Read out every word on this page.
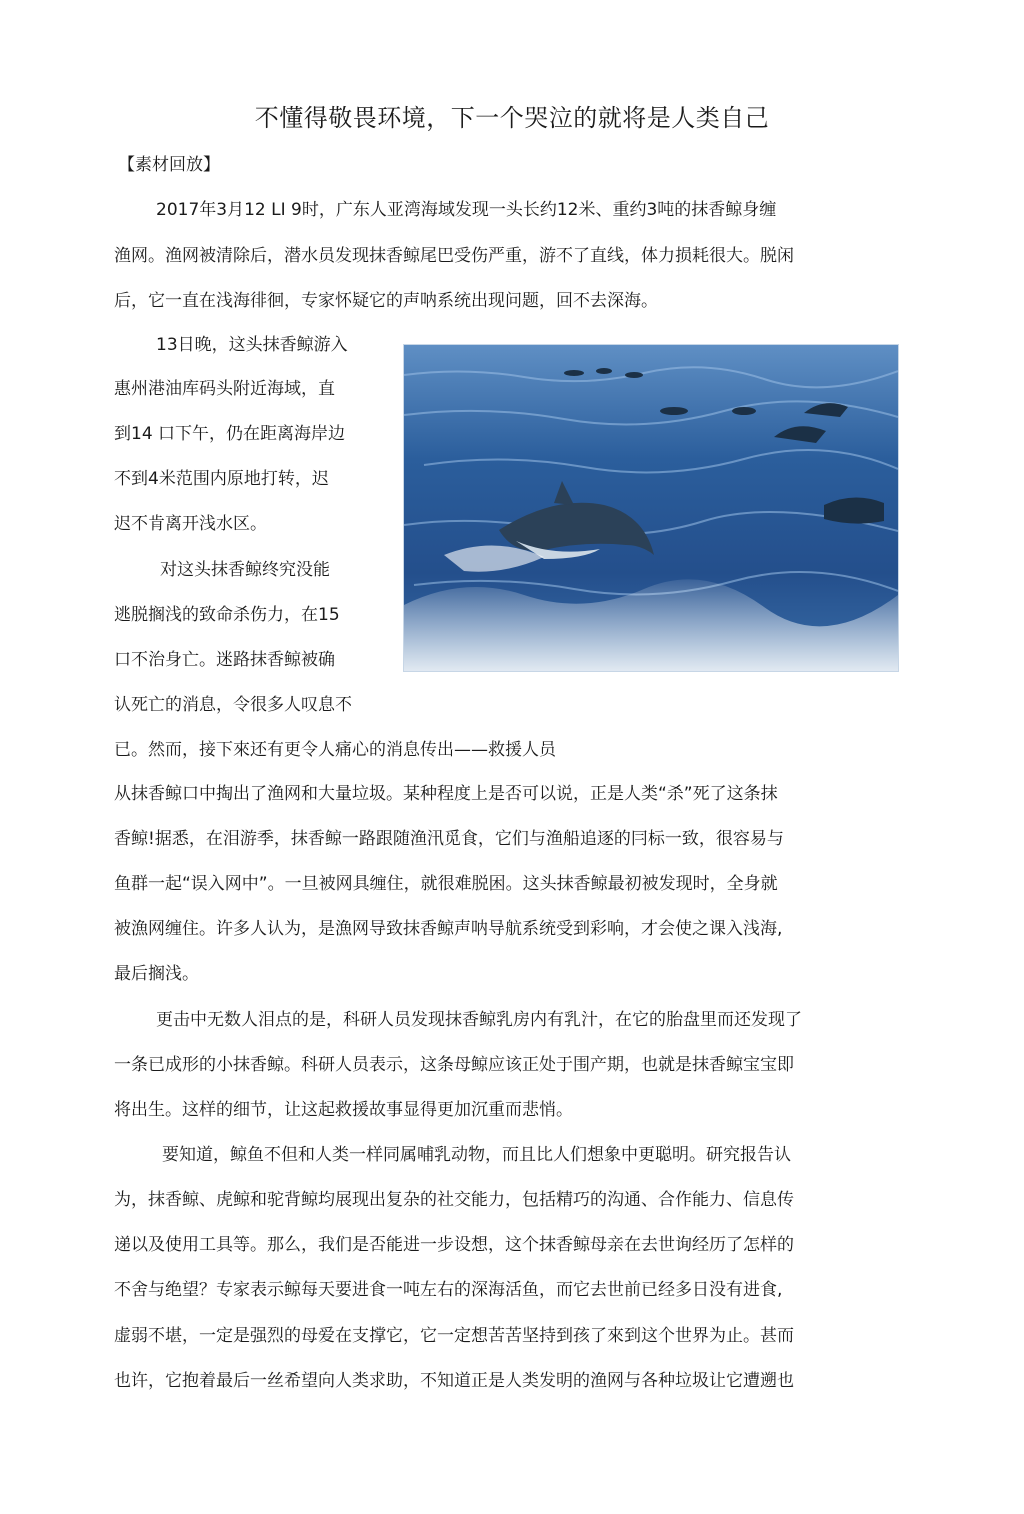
不懂得敬畏环境，下一个哭泣的就将是人类自己
【素材回放】
2017年3月12 LI 9时，广东人亚湾海域发现一头长约12米、重约3吨的抹香鲸身缠
渔网。渔网被清除后，潜水员发现抹香鲸尾巴受伤严重，游不了直线，体力损耗很大。脱闲
后，它一直在浅海徘徊，专家怀疑它的声呐系统出现问题，回不去深海。
13日晚，这头抹香鲸游入
惠州港油库码头附近海域，直
到14 口下午，仍在距离海岸边
不到4米范围内原地打转，迟
迟不肯离开浅水区。
对这头抹香鲸终究没能
逃脱搁浅的致命杀伤力，在15
口不治身亡。迷路抹香鲸被确
认死亡的消息，令很多人叹息不
已。然而，接下來还有更令人痛心的消息传出——救援人员
从抹香鲸口中掏出了渔网和大量垃圾。某种程度上是否可以说，正是人类“杀”死了这条抹
香鲸!据悉，在泪游季，抹香鲸一路跟随渔汛觅食，它们与渔船追逐的冃标一致，很容易与
鱼群一起“误入网中”。一旦被网具缠住，就很难脱困。这头抹香鲸最初被发现时，全身就
被漁网缠住。许多人认为，是漁网导致抹香鲸声呐导航系统受到彩响，才会使之课入浅海,
最后搁浅。
更击中无数人泪点的是，科研人员发现抹香鲸乳房内有乳汁，在它的胎盘里而还发现了
一条已成形的小抹香鲸。科研人员表示，这条母鲸应该正处于围产期，也就是抹香鲸宝宝即
将出生。这样的细节，让这起救援故事显得更加沉重而悲悄。
要知道，鲸鱼不但和人类一样同属哺乳动物，而且比人们想象中更聪明。研究报告认
为，抹香鲸、虎鲸和驼背鲸均展现出复杂的社交能力，包括精巧的沟通、合作能力、信息传
递以及使用工具等。那么，我们是否能进一步设想，这个抹香鲸母亲在去世询经历了怎样的
不舍与绝望？专家表示鲸每天要进食一吨左右的深海活鱼，而它去世前已经多日没有进食,
虚弱不堪，一定是强烈的母爱在支撑它，它一定想苦苦坚持到孩了來到这个世界为止。甚而
也许，它抱着最后一丝希望向人类求助，不知道正是人类发明的渔网与各种垃圾让它遭遡也
